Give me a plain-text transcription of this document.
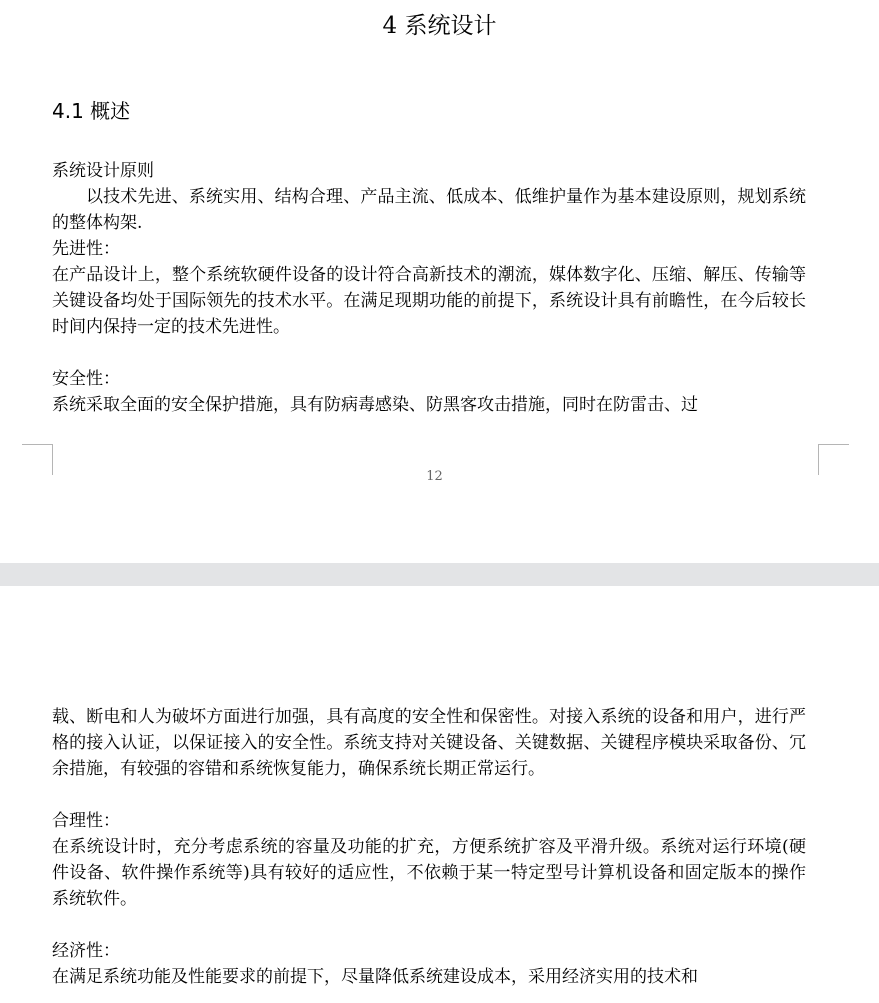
4 系统设计
4.1 概述

系统设计原则

以技术先进、系统实用、结构合理、产品主流、低成本、低维护量作为基本建设原则，规划系统的整体构架.

先进性：

在产品设计上，整个系统软硬件设备的设计符合高新技术的潮流，媒体数字化、压缩、解压、传输等关键设备均处于国际领先的技术水平。在满足现期功能的前提下，系统设计具有前瞻性，在今后较长时间内保持一定的技术先进性。

安全性：

系统采取全面的安全保护措施，具有防病毒感染、防黑客攻击措施，同时在防雷击、过

12

载、断电和人为破坏方面进行加强，具有高度的安全性和保密性。对接入系统的设备和用户，进行严格的接入认证，以保证接入的安全性。系统支持对关键设备、关键数据、关键程序模块采取备份、冗余措施，有较强的容错和系统恢复能力，确保系统长期正常运行。

合理性：

在系统设计时，充分考虑系统的容量及功能的扩充，方便系统扩容及平滑升级。系统对运行环境(硬件设备、软件操作系统等)具有较好的适应性，不依赖于某一特定型号计算机设备和固定版本的操作系统软件。

经济性：

在满足系统功能及性能要求的前提下，尽量降低系统建设成本，采用经济实用的技术和
